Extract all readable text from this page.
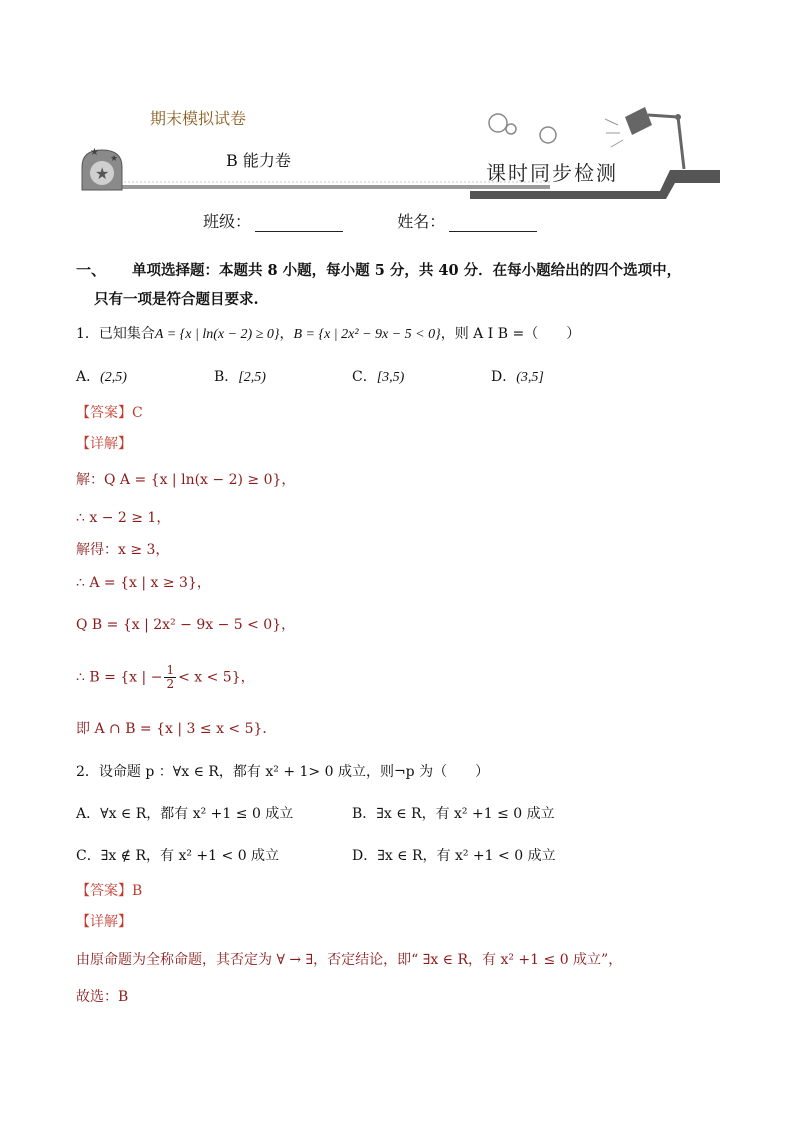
★
★
★
期末模拟试卷
B 能力卷
课时同步检测
班级：	姓名：
一、 单项选择题：本题共 8 小题，每小题 5 分，共 40 分．在每小题给出的四个选项中，
只有一项是符合题目要求.
1．已知集合A = {x | ln(x − 2) ≥ 0}，B = {x | 2x² − 9x − 5 < 0}，则 A I B =（　　）
A．(2,5)	B．[2,5)	C．[3,5)	D．(3,5]
【答案】C
【详解】
解：Q A = {x | ln(x − 2) ≥ 0}，
∴ x − 2 ≥ 1，
解得：x ≥ 3，
∴ A = {x | x ≥ 3}，
Q B = {x | 2x² − 9x − 5 < 0}，
∴ B = {x | − $\frac{1}{2} < x < 5$}，
即 A ∩ B = {x | 3 ≤ x < 5}．
2．设命题 p ：∀x ∈ R，都有 x² + 1> 0 成立，则¬p 为（　　）
A．∀x ∈ R，都有 x² +1 ≤ 0 成立	B．∃x ∈ R，有 x² +1 ≤ 0 成立
C．∃x ∉ R，有 x² +1 < 0 成立	D．∃x ∈ R，有 x² +1 < 0 成立
【答案】B
【详解】
由原命题为全称命题，其否定为 ∀ → ∃，否定结论，即“ ∃x ∈ R，有 x² +1 ≤ 0 成立”，
故选：B
